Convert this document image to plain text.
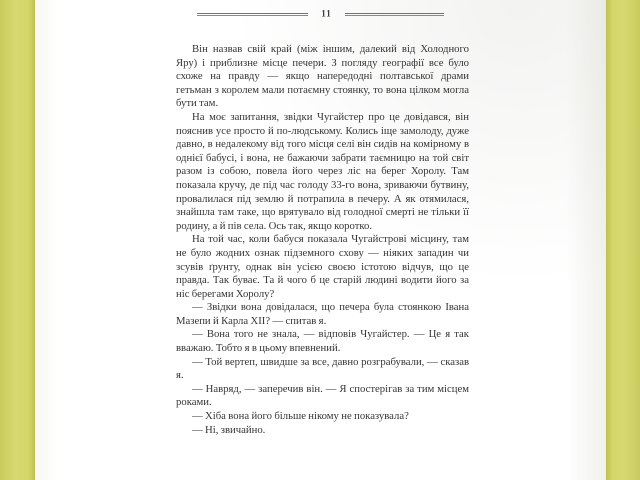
11

Він назвав свій край (між іншим, далекий від Холодного Яру) і приблизне місце печери. З погляду географії все було схоже на правду — якщо напередодні полтавської драми гетьман з королем мали потаємну стоянку, то вона цілком могла бути там.

На моє запитання, звідки Чугайстер про це довідався, він пояснив усе просто й по-людському. Колись іще замолоду, дуже давно, в недалекому від того місця селі він сидів на комірному в однієї бабусі, і вона, не бажаючи забрати таємницю на той світ разом із собою, повела його через ліс на берег Хоролу. Там показала кручу, де під час голоду 33-го вона, зриваючи бутвину, провалилася під землю й потрапила в печеру. А як отямилася, знайшла там таке, що врятувало від голодної смерті не тільки її родину, а й пів села. Ось так, якщо коротко.

На той час, коли бабуся показала Чугайстрові місцину, там не було жодних ознак підземного схову — ніяких западин чи зсувів ґрунту, однак він усією своєю істотою відчув, що це правда. Так буває. Та й чого б це старій людині водити його за ніс берегами Хоролу?

— Звідки вона довідалася, що печера була стоянкою Івана Мазепи й Карла XII? — спитав я.

— Вона того не знала, — відповів Чугайстер. — Це я так вважаю. Тобто я в цьому впевнений.

— Той вертеп, швидше за все, давно розграбували, — сказав я.

— Навряд, — заперечив він. — Я спостерігав за тим місцем роками.

— Хіба вона його більше нікому не показувала?

— Ні, звичайно.
